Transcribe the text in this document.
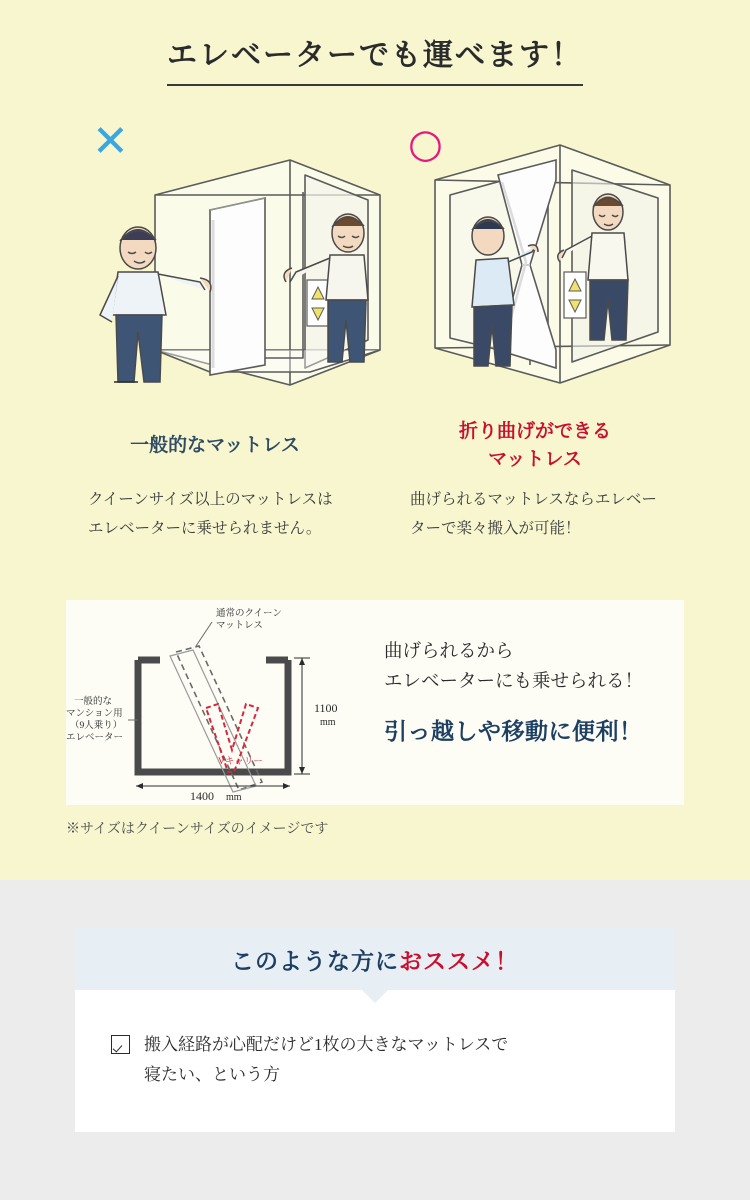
エレベーターでも運べます！
✕	○
一般的なマットレス
折り曲げができる
マットレス
クイーンサイズ以上のマットレスはエレベーターに乗せられません。
曲げられるマットレスならエレベーターで楽々搬入が可能！
通常のクイーン
マットレス
一般的な
マンション用
（9人乗り）
エレベーター
Vキャリー
1100
mm
1400 mm
曲げられるから
エレベーターにも乗せられる！
引っ越しや移動に便利！
※サイズはクイーンサイズのイメージです
このような方におススメ！
搬入経路が心配だけど1枚の大きなマットレスで
寝たい、という方
